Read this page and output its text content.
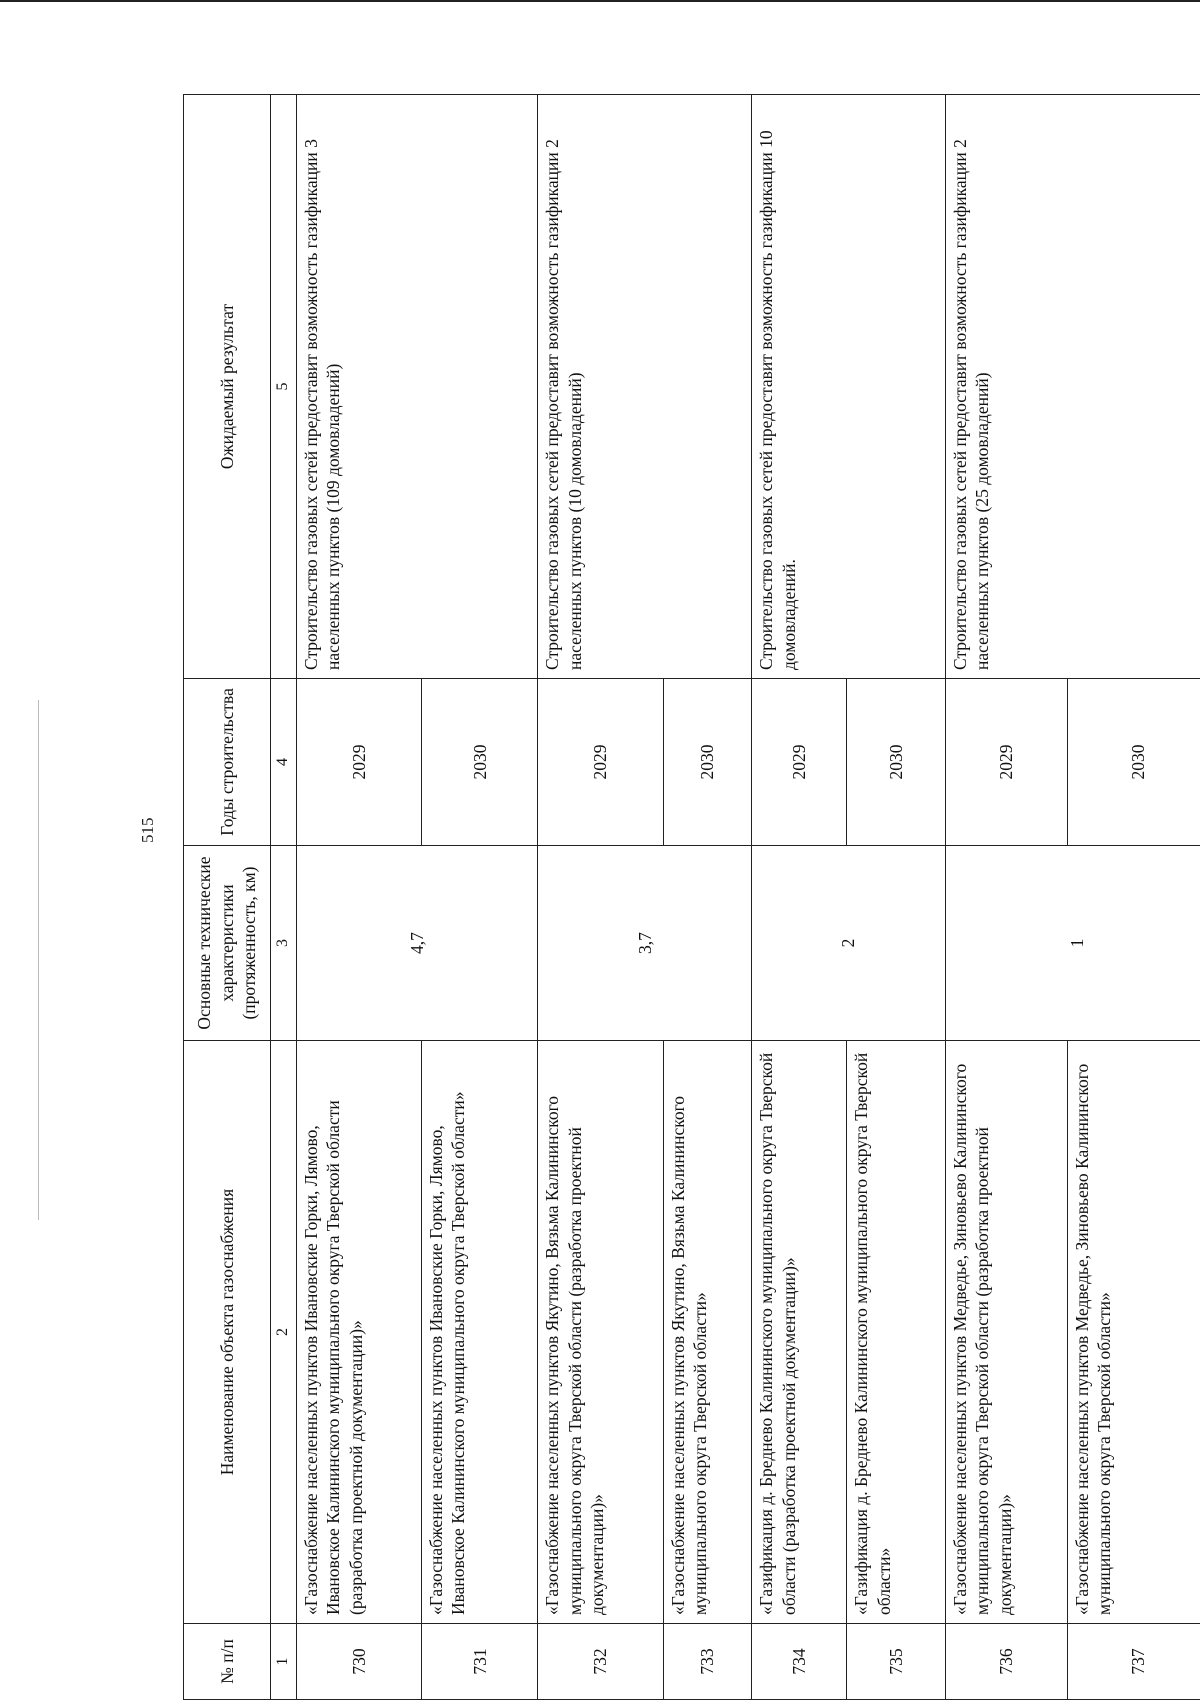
515
№ п/п	Наименование объекта газоснабжения	Основные технические характеристики (протяженность, км)	Годы строительства	Ожидаемый результат
1	2	3	4	5
730	«Газоснабжение населенных пунктов Ивановские Горки, Лямово, Ивановское Калининского муниципального округа Тверской области (разработка проектной документации)»	4,7	2029	Строительство газовых сетей предоставит возможность газификации 3 населенных пунктов (109 домовладений)
731	«Газоснабжение населенных пунктов Ивановские Горки, Лямово, Ивановское Калининского муниципального округа Тверской области»		2030	
732	«Газоснабжение населенных пунктов Якутино, Вязьма Калининского муниципального округа Тверской области (разработка проектной документации)»	3,7	2029	Строительство газовых сетей предоставит возможность газификации 2 населенных пунктов (10 домовладений)
733	«Газоснабжение населенных пунктов Якутино, Вязьма Калининского муниципального округа Тверской области»		2030	
734	«Газификация д. Бреднево Калининского муниципального округа Тверской области (разработка проектной документации)»	2	2029	Строительство газовых сетей предоставит возможность газификации 10 домовладений.
735	«Газификация д. Бреднево Калининского муниципального округа Тверской области»		2030	
736	«Газоснабжение населенных пунктов Медведье, Зиновьево Калининского муниципального округа Тверской области (разработка проектной документации)»	1	2029	Строительство газовых сетей предоставит возможность газификации 2 населенных пунктов (25 домовладений)
737	«Газоснабжение населенных пунктов Медведье, Зиновьево Калининского муниципального округа Тверской области»		2030	
